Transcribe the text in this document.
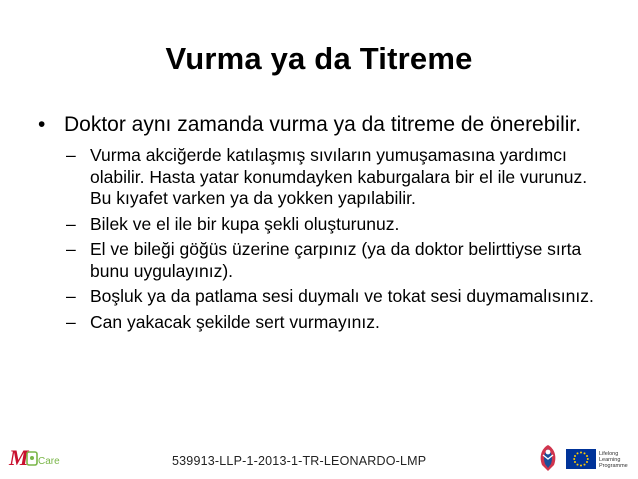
Vurma ya da Titreme
• Doktor aynı zamanda vurma ya da titreme de önerebilir.
– Vurma akciğerde katılaşmış sıvıların yumuşamasına yardımcı olabilir. Hasta yatar konumdayken kaburgalara bir el ile vurunuz. Bu kıyafet varken ya da yokken yapılabilir.
– Bilek ve el ile bir kupa şekli oluşturunuz.
– El ve bileği göğüs üzerine çarpınız (ya da doktor belirttiyse sırta bunu uygulayınız).
– Boşluk ya da patlama sesi duymalı ve tokat sesi duymamalısınız.
– Can yakacak şekilde sert vurmayınız.
M Care	539913-LLP-1-2013-1-TR-LEONARDO-LMP	Lifelong
Learning
Programme
